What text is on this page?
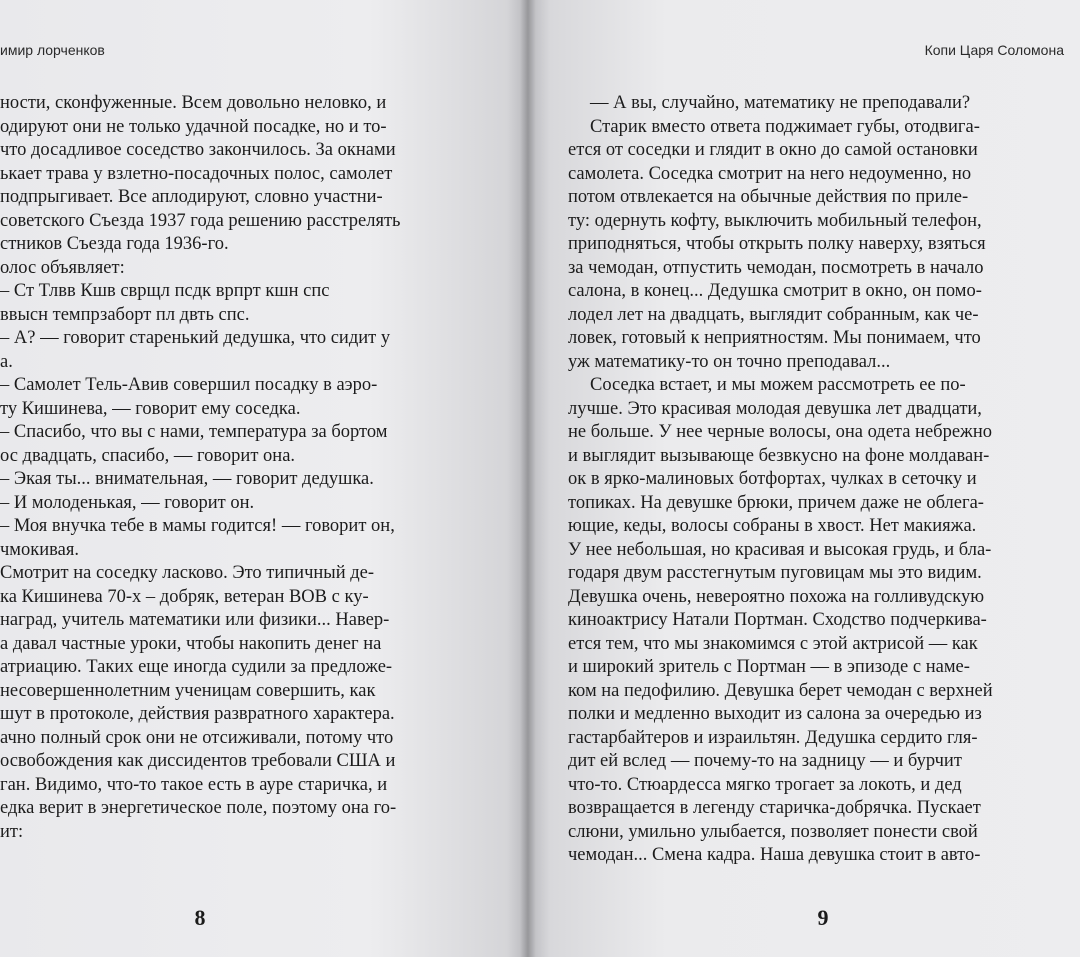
имир лорченков
ности, сконфуженные. Всем довольно неловко, и
одируют они не только удачной посадке, но и то-
что досадливое соседство закончилось. За окнами
ькает трава у взлетно-посадочных полос, самолет
подпрыгивает. Все аплодируют, словно участни-
советского Съезда 1937 года решению расстрелять
стников Съезда года 1936-го.
олос объявляет:
– Ст Тлвв Кшв сврщл псдк врпрт кшн спс
ввысн темпрзаборт пл двть спс.
– А? — говорит старенький дедушка, что сидит у
а.
– Самолет Тель-Авив совершил посадку в аэро-
ту Кишинева, — говорит ему соседка.
– Спасибо, что вы с нами, температура за бортом
ос двадцать, спасибо, — говорит она.
– Экая ты... внимательная, — говорит дедушка.
– И молоденькая, — говорит он.
– Моя внучка тебе в мамы годится! — говорит он,
чмокивая.
Смотрит на соседку ласково. Это типичный де-
ка Кишинева 70-х – добряк, ветеран ВОВ с ку-
наград, учитель математики или физики... Навер-
а давал частные уроки, чтобы накопить денег на
атриацию. Таких еще иногда судили за предложе-
несовершеннолетним ученицам совершить, как
шут в протоколе, действия развратного характера.
ачно полный срок они не отсиживали, потому что
освобождения как диссидентов требовали США и
ган. Видимо, что-то такое есть в ауре старичка, и
едка верит в энергетическое поле, поэтому она го-
ит:
8
Копи Царя Соломона
— А вы, случайно, математику не преподавали?
Старик вместо ответа поджимает губы, отодвига-
ется от соседки и глядит в окно до самой остановки
самолета. Соседка смотрит на него недоуменно, но
потом отвлекается на обычные действия по прилe-
ту: одернуть кофту, выключить мобильный телефон,
приподняться, чтобы открыть полку наверху, взяться
за чемодан, отпустить чемодан, посмотреть в начало
салона, в конец... Дедушка смотрит в окно, он помо-
лодел лет на двадцать, выглядит собранным, как че-
ловек, готовый к неприятностям. Мы понимаем, что
уж математику-то он точно преподавал...
Соседка встает, и мы можем рассмотреть ее по-
лучше. Это красивая молодая девушка лет двадцати,
не больше. У нее черные волосы, она одета небрежно
и выглядит вызывающе безвкусно на фоне молдаван-
ок в ярко-малиновых ботфортах, чулках в сеточку и
топиках. На девушке брюки, причем даже не облега-
ющие, кеды, волосы собраны в хвост. Нет макияжа.
У нее небольшая, но красивая и высокая грудь, и бла-
годаря двум расстегнутым пуговицам мы это видим.
Девушка очень, невероятно похожа на голливудскую
киноактрису Натали Портман. Сходство подчеркива-
ется тем, что мы знакомимся с этой актрисой — как
и широкий зритель с Портман — в эпизоде с намe-
ком на педофилию. Девушка берет чемодан с верхней
полки и медленно выходит из салона за очередью из
гастарбайтеров и израильтян. Дедушка сердито гля-
дит ей вслед — почему-то на задницу — и бурчит
что-то. Стюардесса мягко трогает за локоть, и дед
возвращается в легенду старичка-добрячка. Пускает
слюни, умильно улыбается, позволяет понести свой
чемодан... Смена кадра. Наша девушка стоит в авто-
9
